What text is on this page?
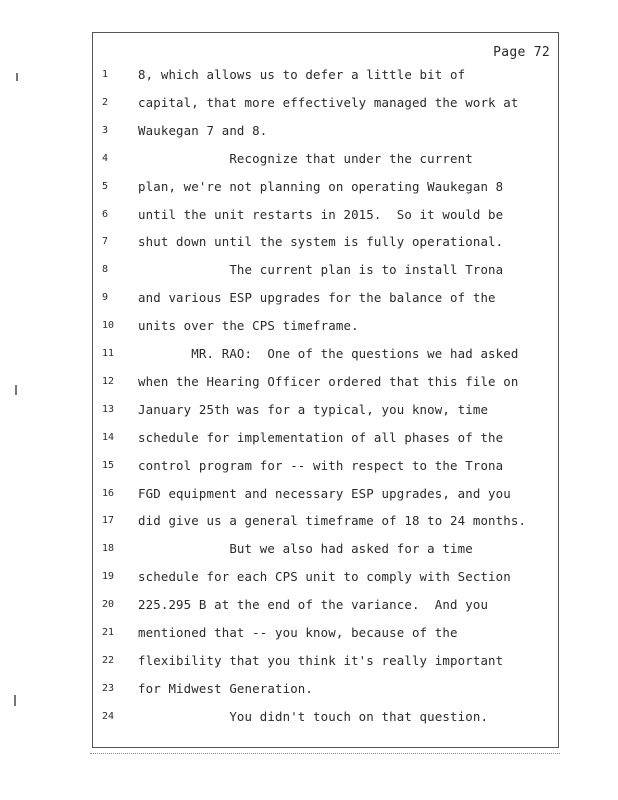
Page 72
1	8, which allows us to defer a little bit of
2	capital, that more effectively managed the work at
3	Waukegan 7 and 8.
4	Recognize that under the current
5	plan, we're not planning on operating Waukegan 8
6	until the unit restarts in 2015.  So it would be
7	shut down until the system is fully operational.
8	The current plan is to install Trona
9	and various ESP upgrades for the balance of the
10	units over the CPS timeframe.
11	MR. RAO:  One of the questions we had asked
12	when the Hearing Officer ordered that this file on
13	January 25th was for a typical, you know, time
14	schedule for implementation of all phases of the
15	control program for -- with respect to the Trona
16	FGD equipment and necessary ESP upgrades, and you
17	did give us a general timeframe of 18 to 24 months.
18	But we also had asked for a time
19	schedule for each CPS unit to comply with Section
20	225.295 B at the end of the variance.  And you
21	mentioned that -- you know, because of the
22	flexibility that you think it's really important
23	for Midwest Generation.
24	You didn't touch on that question.
